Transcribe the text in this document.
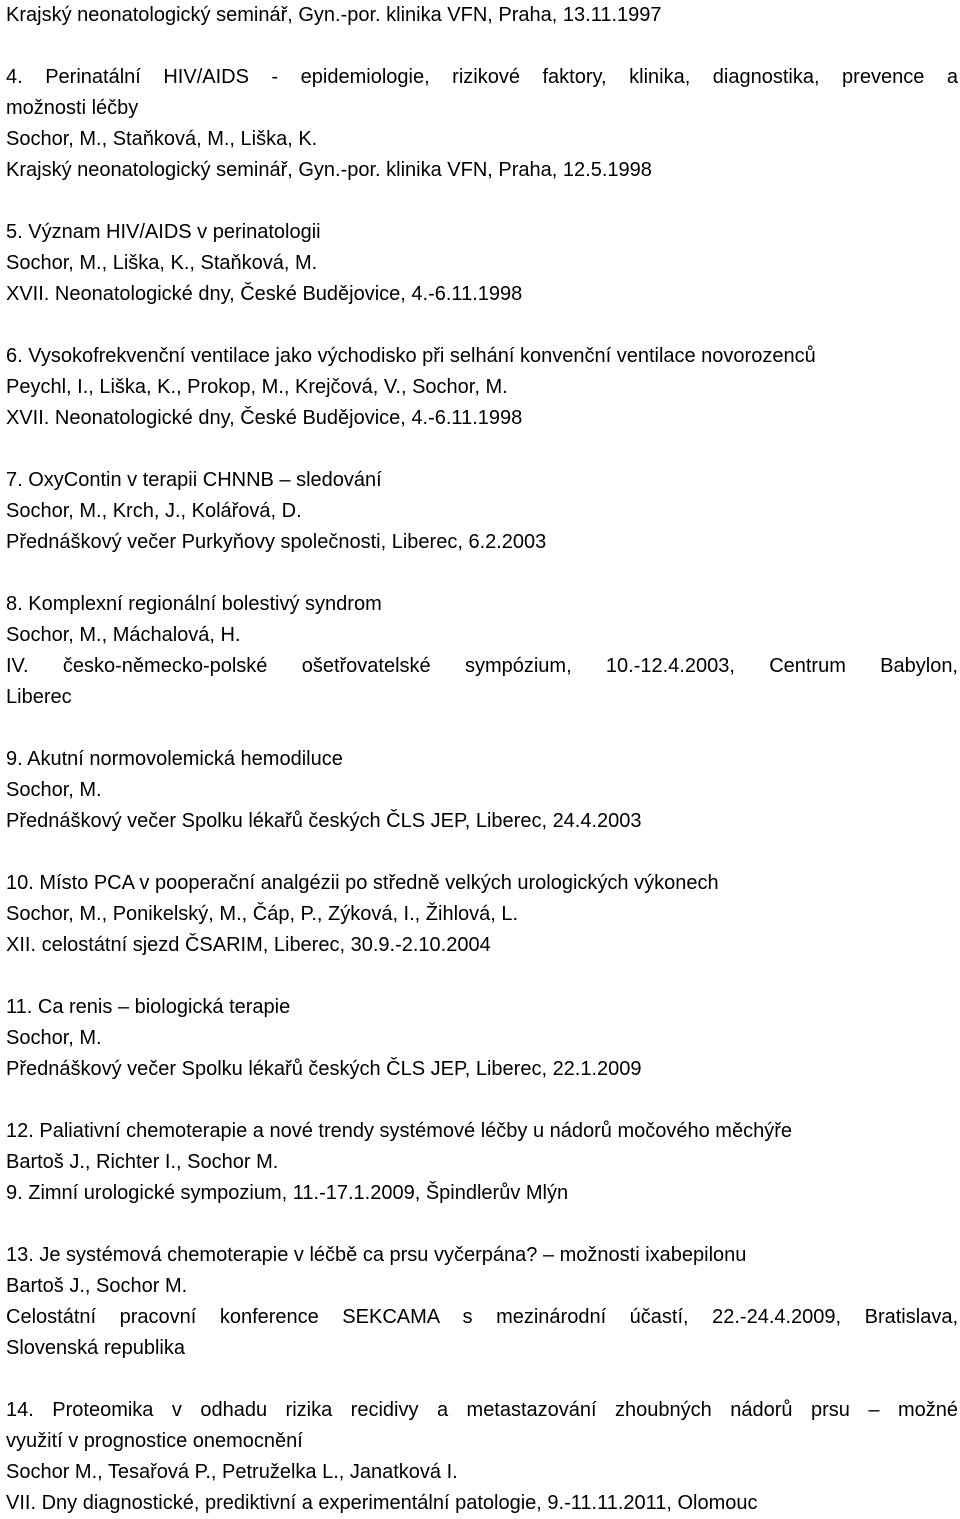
Krajský neonatologický seminář, Gyn.-por. klinika VFN, Praha, 13.11.1997
4. Perinatální HIV/AIDS - epidemiologie, rizikové faktory, klinika, diagnostika, prevence a
možnosti léčby
Sochor, M., Staňková, M., Liška, K.
Krajský neonatologický seminář, Gyn.-por. klinika VFN, Praha, 12.5.1998
5. Význam HIV/AIDS v perinatologii
Sochor, M., Liška, K., Staňková, M.
XVII. Neonatologické dny, České Budějovice, 4.-6.11.1998
6. Vysokofrekvenční ventilace jako východisko při selhání konvenční ventilace novorozenců
Peychl, I., Liška, K., Prokop, M., Krejčová, V., Sochor, M.
XVII. Neonatologické dny, České Budějovice, 4.-6.11.1998
7. OxyContin v terapii CHNNB – sledování
Sochor, M., Krch, J., Kolářová, D.
Přednáškový večer Purkyňovy společnosti, Liberec, 6.2.2003
8. Komplexní regionální bolestivý syndrom
Sochor, M., Máchalová, H.
IV. česko-německo-polské ošetřovatelské sympózium, 10.-12.4.2003, Centrum Babylon,
Liberec
9. Akutní normovolemická hemodiluce
Sochor, M.
Přednáškový večer Spolku lékařů českých ČLS JEP, Liberec, 24.4.2003
10. Místo PCA v pooperační analgézii po středně velkých urologických výkonech
Sochor, M., Ponikelský, M., Čáp, P., Zýková, I., Žihlová, L.
XII. celostátní sjezd ČSARIM, Liberec, 30.9.-2.10.2004
11. Ca renis – biologická terapie
Sochor, M.
Přednáškový večer Spolku lékařů českých ČLS JEP, Liberec, 22.1.2009
12. Paliativní chemoterapie a nové trendy systémové léčby u nádorů močového měchýře
Bartoš J., Richter I., Sochor M.
9. Zimní urologické sympozium, 11.-17.1.2009, Špindlerův Mlýn
13. Je systémová chemoterapie v léčbě ca prsu vyčerpána? – možnosti ixabepilonu
Bartoš J., Sochor M.
Celostátní pracovní konference SEKCAMA s mezinárodní účastí, 22.-24.4.2009, Bratislava,
Slovenská republika
14. Proteomika v odhadu rizika recidivy a metastazování zhoubných nádorů prsu – možné
využití v prognostice onemocnění
Sochor M., Tesařová P., Petruželka L., Janatková I.
VII. Dny diagnostické, prediktivní a experimentální patologie, 9.-11.11.2011, Olomouc
